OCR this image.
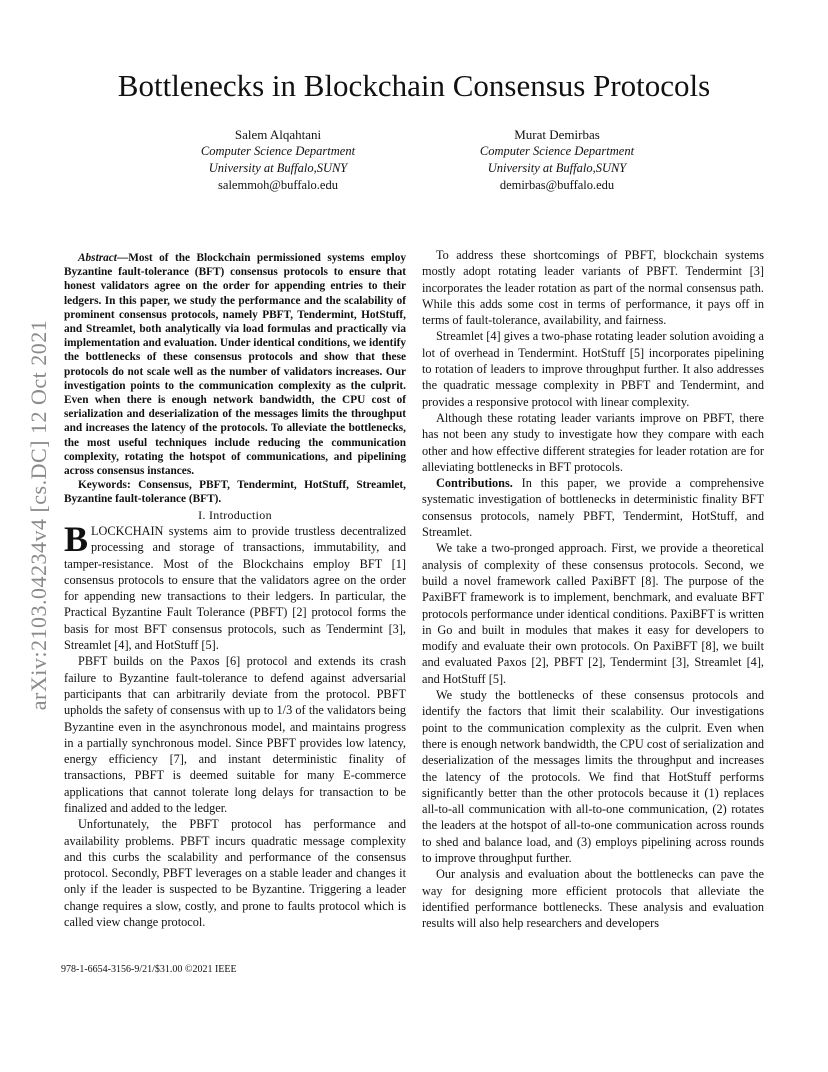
arXiv:2103.04234v4 [cs.DC] 12 Oct 2021
Bottlenecks in Blockchain Consensus Protocols
Salem Alqahtani
Computer Science Department
University at Buffalo,SUNY
salemmoh@buffalo.edu
Murat Demirbas
Computer Science Department
University at Buffalo,SUNY
demirbas@buffalo.edu

Abstract—Most of the Blockchain permissioned systems employ Byzantine fault-tolerance (BFT) consensus protocols to ensure that honest validators agree on the order for appending entries to their ledgers. In this paper, we study the performance and the scalability of prominent consensus protocols, namely PBFT, Tendermint, HotStuff, and Streamlet, both analytically via load formulas and practically via implementation and evaluation. Under identical conditions, we identify the bottlenecks of these consensus protocols and show that these protocols do not scale well as the number of validators increases. Our investigation points to the communication complexity as the culprit. Even when there is enough network bandwidth, the CPU cost of serialization and deserialization of the messages limits the throughput and increases the latency of the protocols. To alleviate the bottlenecks, the most useful techniques include reducing the communication complexity, rotating the hotspot of communications, and pipelining across consensus instances.

Keywords: Consensus, PBFT, Tendermint, HotStuff, Streamlet, Byzantine fault-tolerance (BFT).

I. Introduction

BLOCKCHAIN systems aim to provide trustless decentralized processing and storage of transactions, immutability, and tamper-resistance. Most of the Blockchains employ BFT [1] consensus protocols to ensure that the validators agree on the order for appending new transactions to their ledgers. In particular, the Practical Byzantine Fault Tolerance (PBFT) [2] protocol forms the basis for most BFT consensus protocols, such as Tendermint [3], Streamlet [4], and HotStuff [5].

PBFT builds on the Paxos [6] protocol and extends its crash failure to Byzantine fault-tolerance to defend against adversarial participants that can arbitrarily deviate from the protocol. PBFT upholds the safety of consensus with up to 1/3 of the validators being Byzantine even in the asynchronous model, and maintains progress in a partially synchronous model. Since PBFT provides low latency, energy efficiency [7], and instant deterministic finality of transactions, PBFT is deemed suitable for many E-commerce applications that cannot tolerate long delays for transaction to be finalized and added to the ledger.

Unfortunately, the PBFT protocol has performance and availability problems. PBFT incurs quadratic message complexity and this curbs the scalability and performance of the consensus protocol. Secondly, PBFT leverages on a stable leader and changes it only if the leader is suspected to be Byzantine. Triggering a leader change requires a slow, costly, and prone to faults protocol which is called view change protocol.

To address these shortcomings of PBFT, blockchain systems mostly adopt rotating leader variants of PBFT. Tendermint [3] incorporates the leader rotation as part of the normal consensus path. While this adds some cost in terms of performance, it pays off in terms of fault-tolerance, availability, and fairness.

Streamlet [4] gives a two-phase rotating leader solution avoiding a lot of overhead in Tendermint. HotStuff [5] incorporates pipelining to rotation of leaders to improve throughput further. It also addresses the quadratic message complexity in PBFT and Tendermint, and provides a responsive protocol with linear complexity.

Although these rotating leader variants improve on PBFT, there has not been any study to investigate how they compare with each other and how effective different strategies for leader rotation are for alleviating bottlenecks in BFT protocols.

Contributions. In this paper, we provide a comprehensive systematic investigation of bottlenecks in deterministic finality BFT consensus protocols, namely PBFT, Tendermint, HotStuff, and Streamlet.

We take a two-pronged approach. First, we provide a theoretical analysis of complexity of these consensus protocols. Second, we build a novel framework called PaxiBFT [8]. The purpose of the PaxiBFT framework is to implement, benchmark, and evaluate BFT protocols performance under identical conditions. PaxiBFT is written in Go and built in modules that makes it easy for developers to modify and evaluate their own protocols. On PaxiBFT [8], we built and evaluated Paxos [2], PBFT [2], Tendermint [3], Streamlet [4], and HotStuff [5].

We study the bottlenecks of these consensus protocols and identify the factors that limit their scalability. Our investigations point to the communication complexity as the culprit. Even when there is enough network bandwidth, the CPU cost of serialization and deserialization of the messages limits the throughput and increases the latency of the protocols. We find that HotStuff performs significantly better than the other protocols because it (1) replaces all-to-all communication with all-to-one communication, (2) rotates the leaders at the hotspot of all-to-one communication across rounds to shed and balance load, and (3) employs pipelining across rounds to improve throughput further.

Our analysis and evaluation about the bottlenecks can pave the way for designing more efficient protocols that alleviate the identified performance bottlenecks. These analysis and evaluation results will also help researchers and developers

978-1-6654-3156-9/21/$31.00 ©2021 IEEE
